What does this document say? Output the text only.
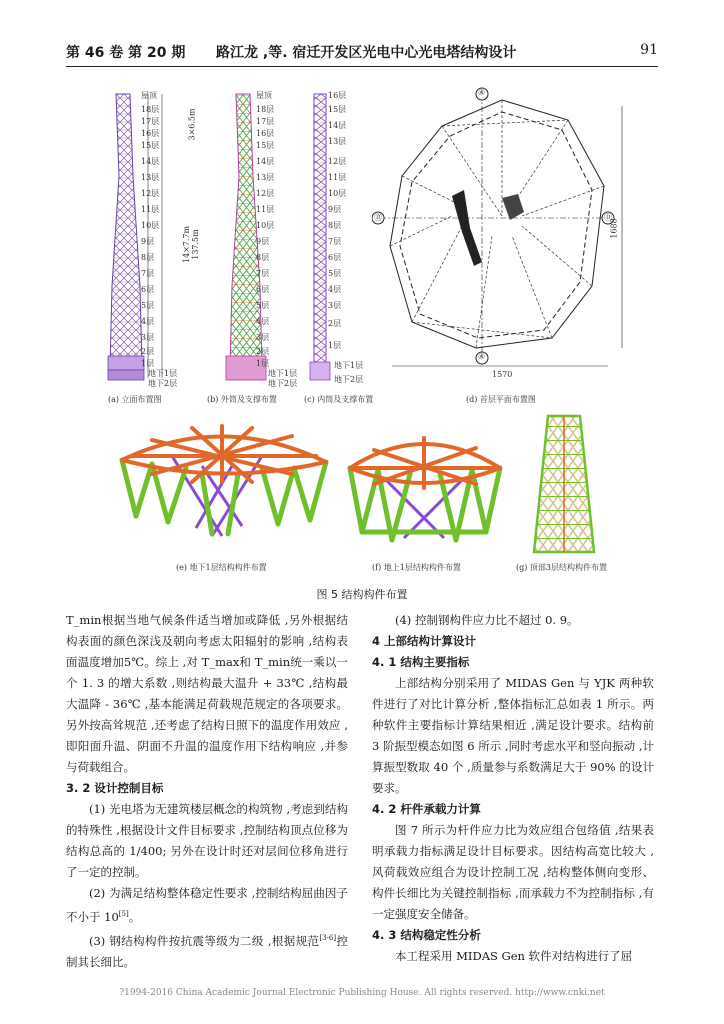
第 46 卷 第 20 期 路江龙 ,等. 宿迁开发区光电中心光电塔结构设计	91
屋顶
18层
17层
16层
15层
14层
13层
12层
11层
10层
9层
8层
7层
6层
5层
4层
3层
2层
1层
地下1层
地下2层
3×6.5m
14×7.7m 137.5m
(a) 立面布置图
屋顶
18层
17层
16层
15层
14层
13层
12层
11层
10层
9层
8层
7层
6层
5层
4层
3层
2层
1层
地下1层
地下2层
(b) 外筒及支撑布置
16层
15层
14层
13层
12层
11层
10层
9层
8层
7层
6层
5层
4层
3层
2层
1层
地下1层
地下2层
(c) 内筒及支撑布置
④
④
Ⓓ	Ⓓ
1570
1688
(d) 首层平面布置图
(e) 地下1层结构构件布置	(f) 地上1层结构构件布置	(g) 顶部3层结构构件布置
图 5 结构构件布置

T_min根据当地气候条件适当增加或降低 ,另外根据结构表面的颜色深浅及朝向考虑太阳辐射的影响 ,结构表面温度增加5℃。综上 ,对 T_max和 T_min统一乘以一个 1. 3 的增大系数 ,则结构最大温升 + 33℃ ,结构最大温降 - 36℃ ,基本能满足荷载规范规定的各项要求。另外按高耸规范 ,还考虑了结构日照下的温度作用效应 ,即阳面升温、阴面不升温的温度作用下结构响应 ,并参与荷载组合。

3. 2 设计控制目标

(1) 光电塔为无建筑楼层概念的构筑物 ,考虑到结构的特殊性 ,根据设计文件目标要求 ,控制结构顶点位移为结构总高的 1/400; 另外在设计时还对层间位移角进行了一定的控制。

(2) 为满足结构整体稳定性要求 ,控制结构屈曲因子不小于 10[5]。

(3) 钢结构构件按抗震等级为二级 ,根据规范[3-6]控制其长细比。

(4) 控制钢构件应力比不超过 0. 9。

4 上部结构计算设计

4. 1 结构主要指标

上部结构分别采用了 MIDAS Gen 与 YJK 两种软件进行了对比计算分析 ,整体指标汇总如表 1 所示。两种软件主要指标计算结果相近 ,满足设计要求。结构前 3 阶振型模态如图 6 所示 ,同时考虑水平和竖向振动 ,计算振型数取 40 个 ,质量参与系数满足大于 90% 的设计要求。

4. 2 杆件承载力计算

图 7 所示为杆件应力比为效应组合包络值 ,结果表明承载力指标满足设计目标要求。因结构高宽比较大 ,风荷载效应组合为设计控制工况 ,结构整体侧向变形、构件长细比为关键控制指标 ,而承载力不为控制指标 ,有一定强度安全储备。

4. 3 结构稳定性分析

本工程采用 MIDAS Gen 软件对结构进行了屈

?1994-2016 China Academic Journal Electronic Publishing House. All rights reserved. http://www.cnki.net
